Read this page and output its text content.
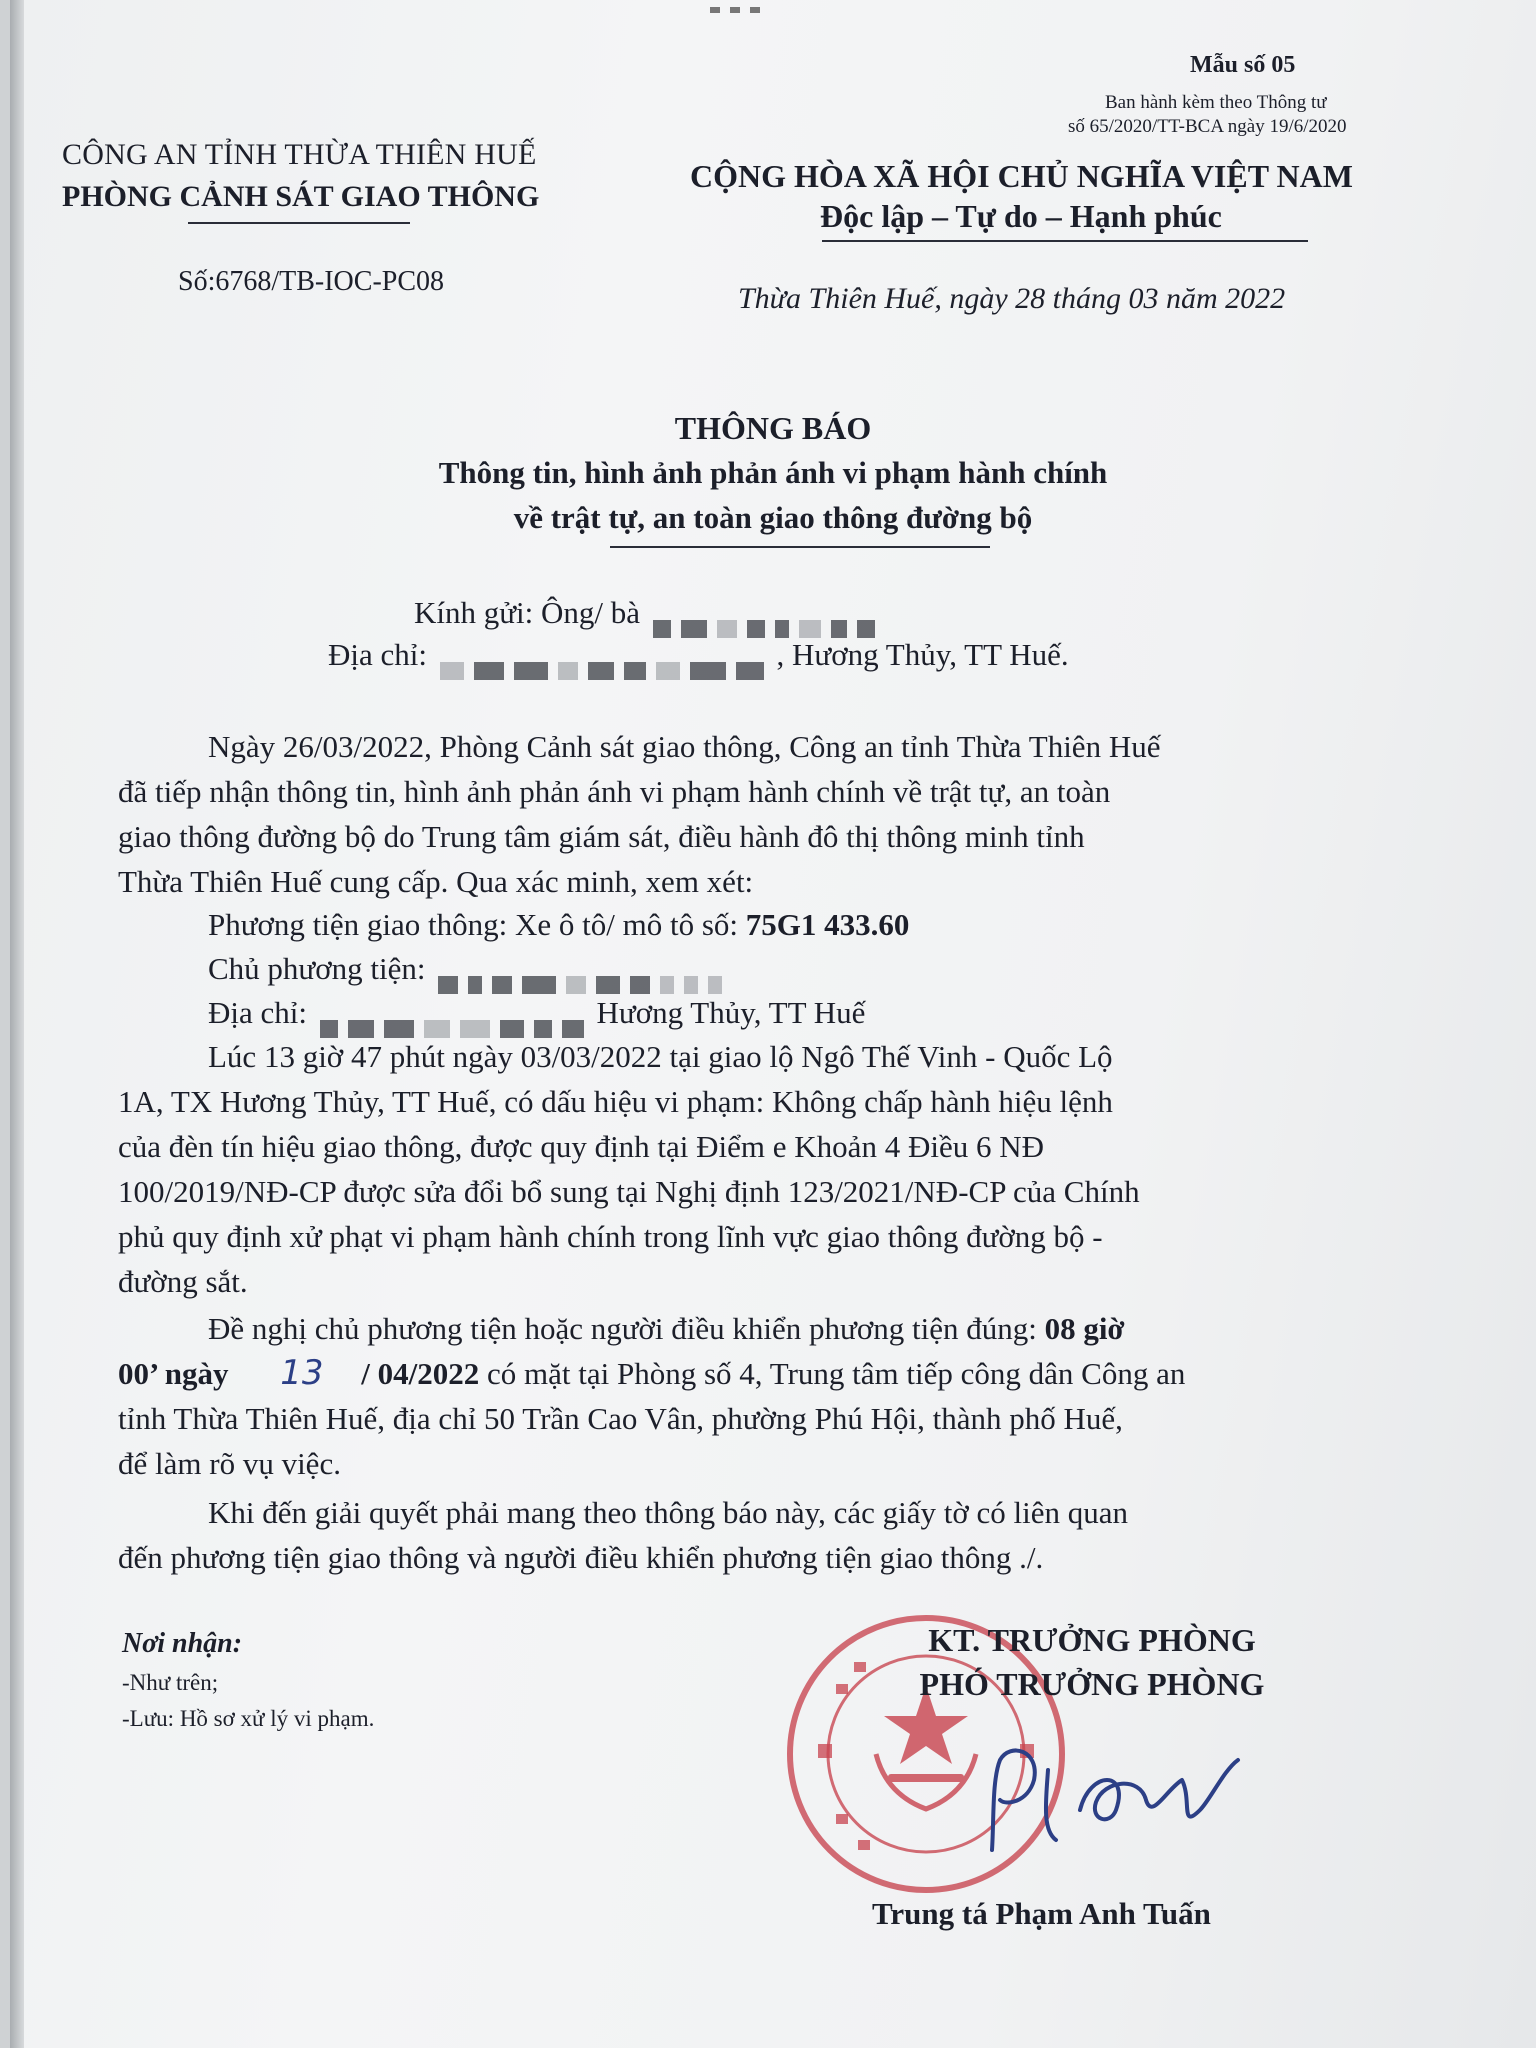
Mẫu số 05
Ban hành kèm theo Thông tư
số 65/2020/TT-BCA ngày 19/6/2020
CÔNG AN TỈNH THỪA THIÊN HUẾ
PHÒNG CẢNH SÁT GIAO THÔNG
Số:6768/TB-IOC-PC08
CỘNG HÒA XÃ HỘI CHỦ NGHĨA VIỆT NAM
Độc lập – Tự do – Hạnh phúc
Thừa Thiên Huế, ngày 28 tháng 03 năm 2022
THÔNG BÁO
Thông tin, hình ảnh phản ánh vi phạm hành chính
về trật tự, an toàn giao thông đường bộ
Kính gửi: Ông/ bà
Địa chỉ:	, Hương Thủy, TT Huế.
Ngày 26/03/2022, Phòng Cảnh sát giao thông, Công an tỉnh Thừa Thiên Huế
đã tiếp nhận thông tin, hình ảnh phản ánh vi phạm hành chính về trật tự, an toàn
giao thông đường bộ do Trung tâm giám sát, điều hành đô thị thông minh tỉnh
Thừa Thiên Huế cung cấp. Qua xác minh, xem xét:
Phương tiện giao thông: Xe ô tô/ mô tô số: 75G1 433.60
Chủ phương tiện:
Địa chỉ:	Hương Thủy, TT Huế
Lúc 13 giờ 47 phút ngày 03/03/2022 tại giao lộ Ngô Thế Vinh - Quốc Lộ
1A, TX Hương Thủy, TT Huế, có dấu hiệu vi phạm: Không chấp hành hiệu lệnh
của đèn tín hiệu giao thông, được quy định tại Điểm e Khoản 4 Điều 6 NĐ
100/2019/NĐ-CP được sửa đổi bổ sung tại Nghị định 123/2021/NĐ-CP của Chính
phủ quy định xử phạt vi phạm hành chính trong lĩnh vực giao thông đường bộ -
đường sắt.
Đề nghị chủ phương tiện hoặc người điều khiển phương tiện đúng: 08 giờ
00’ ngày 13 / 04/2022 có mặt tại Phòng số 4, Trung tâm tiếp công dân Công an
tỉnh Thừa Thiên Huế, địa chỉ 50 Trần Cao Vân, phường Phú Hội, thành phố Huế,
để làm rõ vụ việc.
Khi đến giải quyết phải mang theo thông báo này, các giấy tờ có liên quan
đến phương tiện giao thông và người điều khiển phương tiện giao thông ./.
Nơi nhận:
-Như trên;
-Lưu: Hồ sơ xử lý vi phạm.
KT. TRƯỞNG PHÒNG
PHÓ TRƯỞNG PHÒNG
Trung tá Phạm Anh Tuấn
